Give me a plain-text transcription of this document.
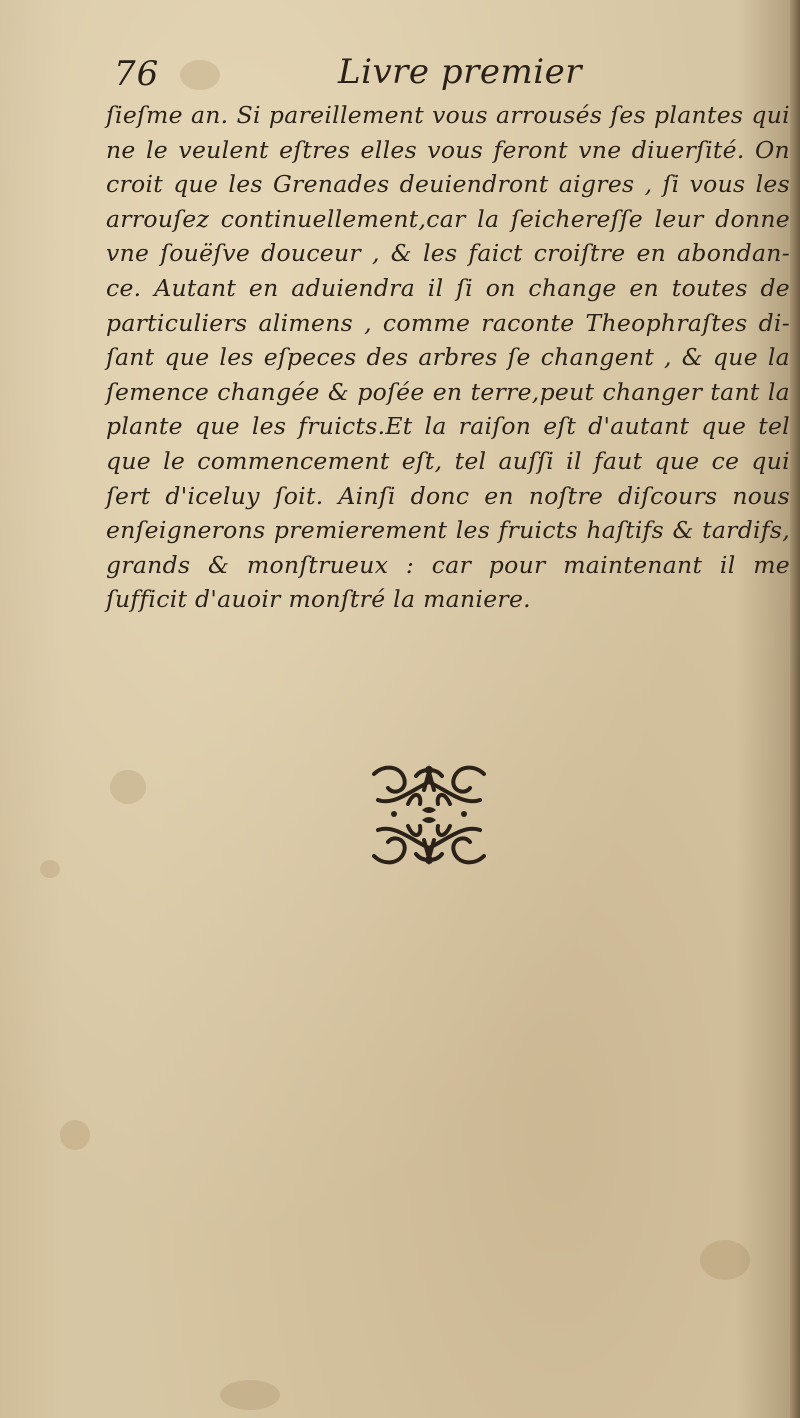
76	Livre premier
ſieſme an. Si pareillement vous arrousés ſes plantes qui
ne le veulent eſtres elles vous feront vne diuerſité. On
croit que les Grenades deuiendront aigres , ſi vous les
arrouſez continuellement,car la ſeichereſſe leur donne
vne ſouëſve douceur , & les faict croiſtre en abondan-
ce. Autant en aduiendra il ſi on change en toutes de
particuliers alimens , comme raconte Theophraſtes di-
ſant que les eſpeces des arbres ſe changent , & que la
ſemence changée & poſée en terre,peut changer tant la
plante que les fruicts.Et la raiſon eſt d'autant que tel
que le commencement eſt, tel auſſi il faut que ce qui
ſert d'iceluy ſoit. Ainſi donc en noſtre diſcours nous
enſeignerons premierement les fruicts haſtifs & tardifs,
grands & monſtrueux : car pour maintenant il me
ſufficit d'auoir monſtré la maniere.
